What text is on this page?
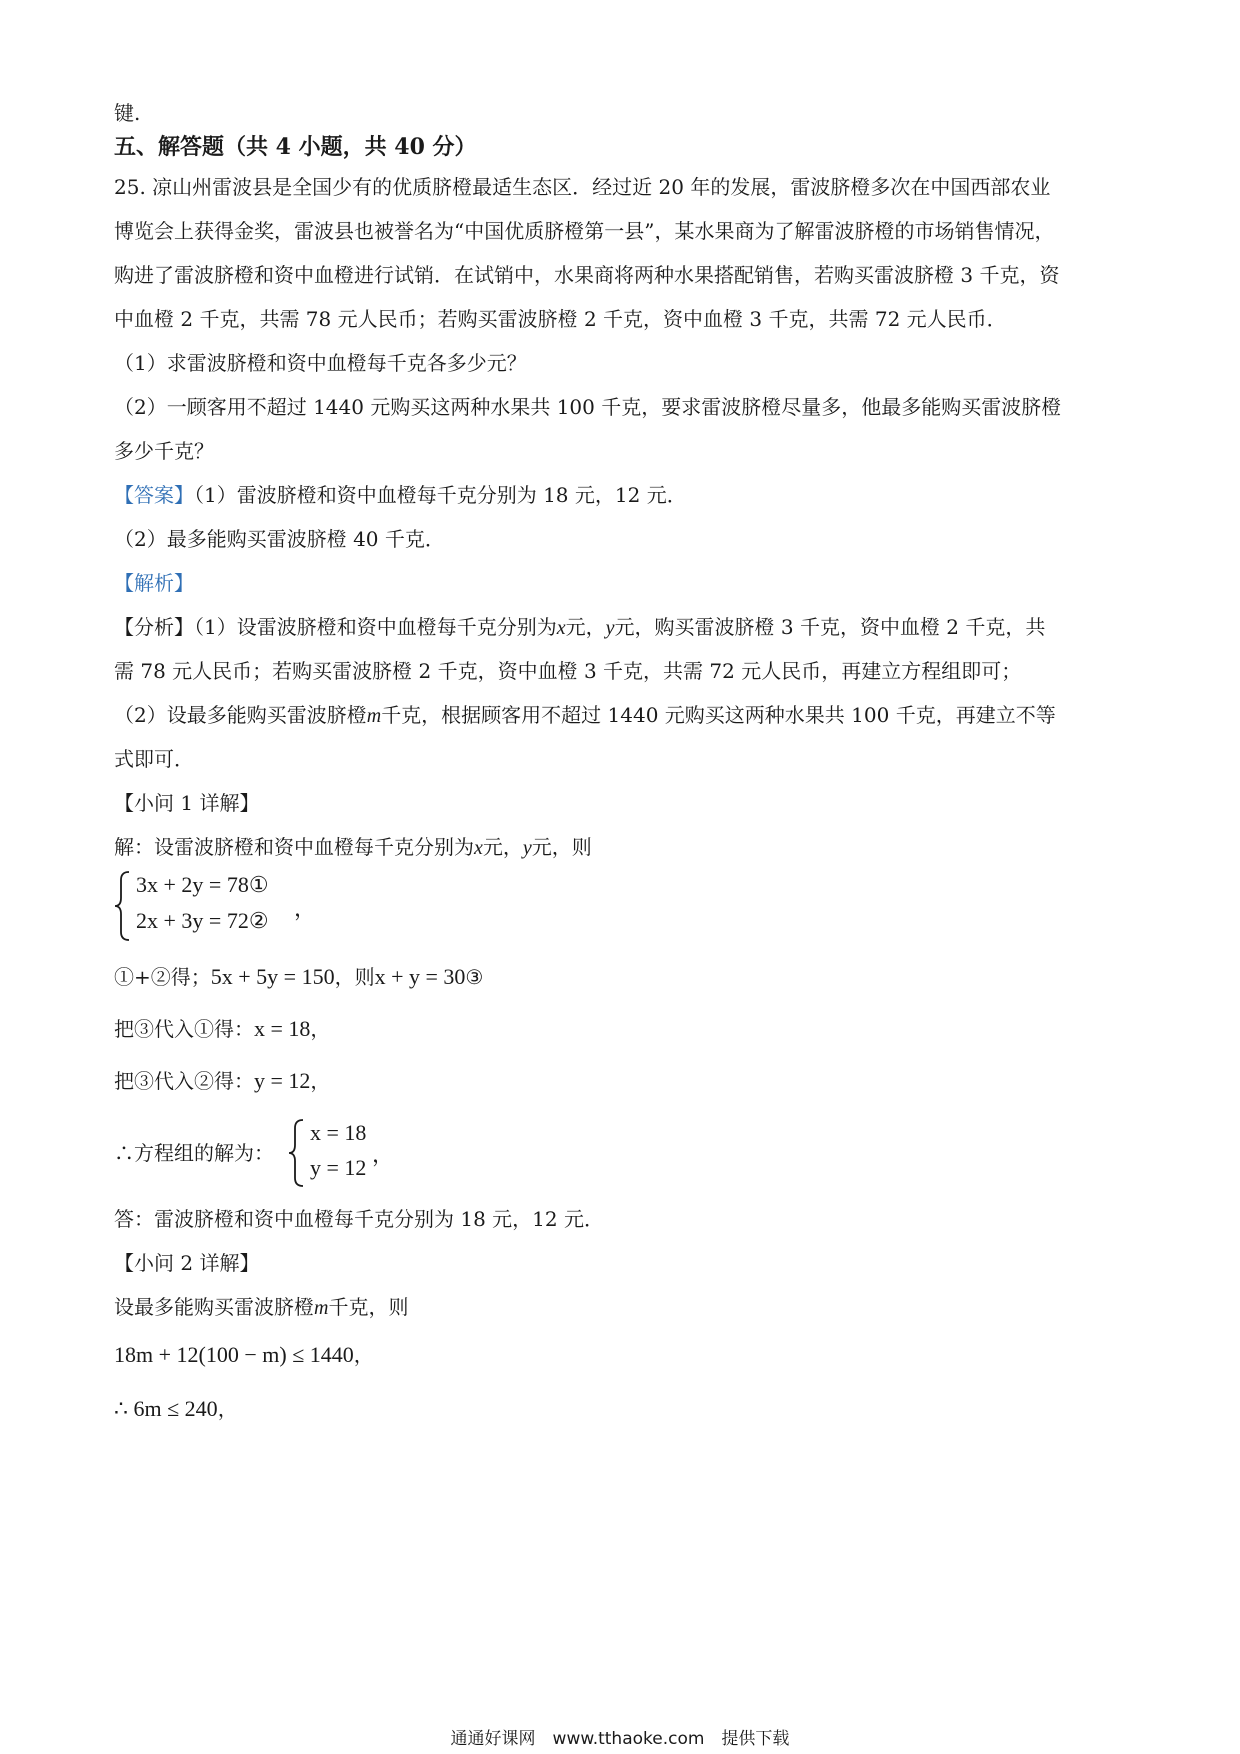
键.
五、解答题（共 4 小题，共 40 分）
25. 凉山州雷波县是全国少有的优质脐橙最适生态区．经过近 20 年的发展，雷波脐橙多次在中国西部农业
博览会上获得金奖，雷波县也被誉名为“中国优质脐橙第一县”，某水果商为了解雷波脐橙的市场销售情况，
购进了雷波脐橙和资中血橙进行试销．在试销中，水果商将两种水果搭配销售，若购买雷波脐橙 3 千克，资
中血橙 2 千克，共需 78 元人民币；若购买雷波脐橙 2 千克，资中血橙 3 千克，共需 72 元人民币．
（1）求雷波脐橙和资中血橙每千克各多少元？
（2）一顾客用不超过 1440 元购买这两种水果共 100 千克，要求雷波脐橙尽量多，他最多能购买雷波脐橙
多少千克？
【答案】（1）雷波脐橙和资中血橙每千克分别为 18 元，12 元．
（2）最多能购买雷波脐橙 40 千克．
【解析】
【分析】（1）设雷波脐橙和资中血橙每千克分别为x元，y元，购买雷波脐橙 3 千克，资中血橙 2 千克，共
需 78 元人民币；若购买雷波脐橙 2 千克，资中血橙 3 千克，共需 72 元人民币，再建立方程组即可；
（2）设最多能购买雷波脐橙m千克，根据顾客用不超过 1440 元购买这两种水果共 100 千克，再建立不等
式即可．
【小问 1 详解】
解：设雷波脐橙和资中血橙每千克分别为x元，y元，则
3x + 2y = 78①
2x + 3y = 72② ，
①+②得；5x + 5y = 150，则x + y = 30③
把③代入①得：x = 18，
把③代入②得：y = 12，
∴方程组的解为：
x = 18
y = 12
，
答：雷波脐橙和资中血橙每千克分别为 18 元，12 元．
【小问 2 详解】
设最多能购买雷波脐橙m千克，则
18m + 12(100 − m) ≤ 1440，
∴ 6m ≤ 240，
通通好课网　www.tthaoke.com　提供下载
